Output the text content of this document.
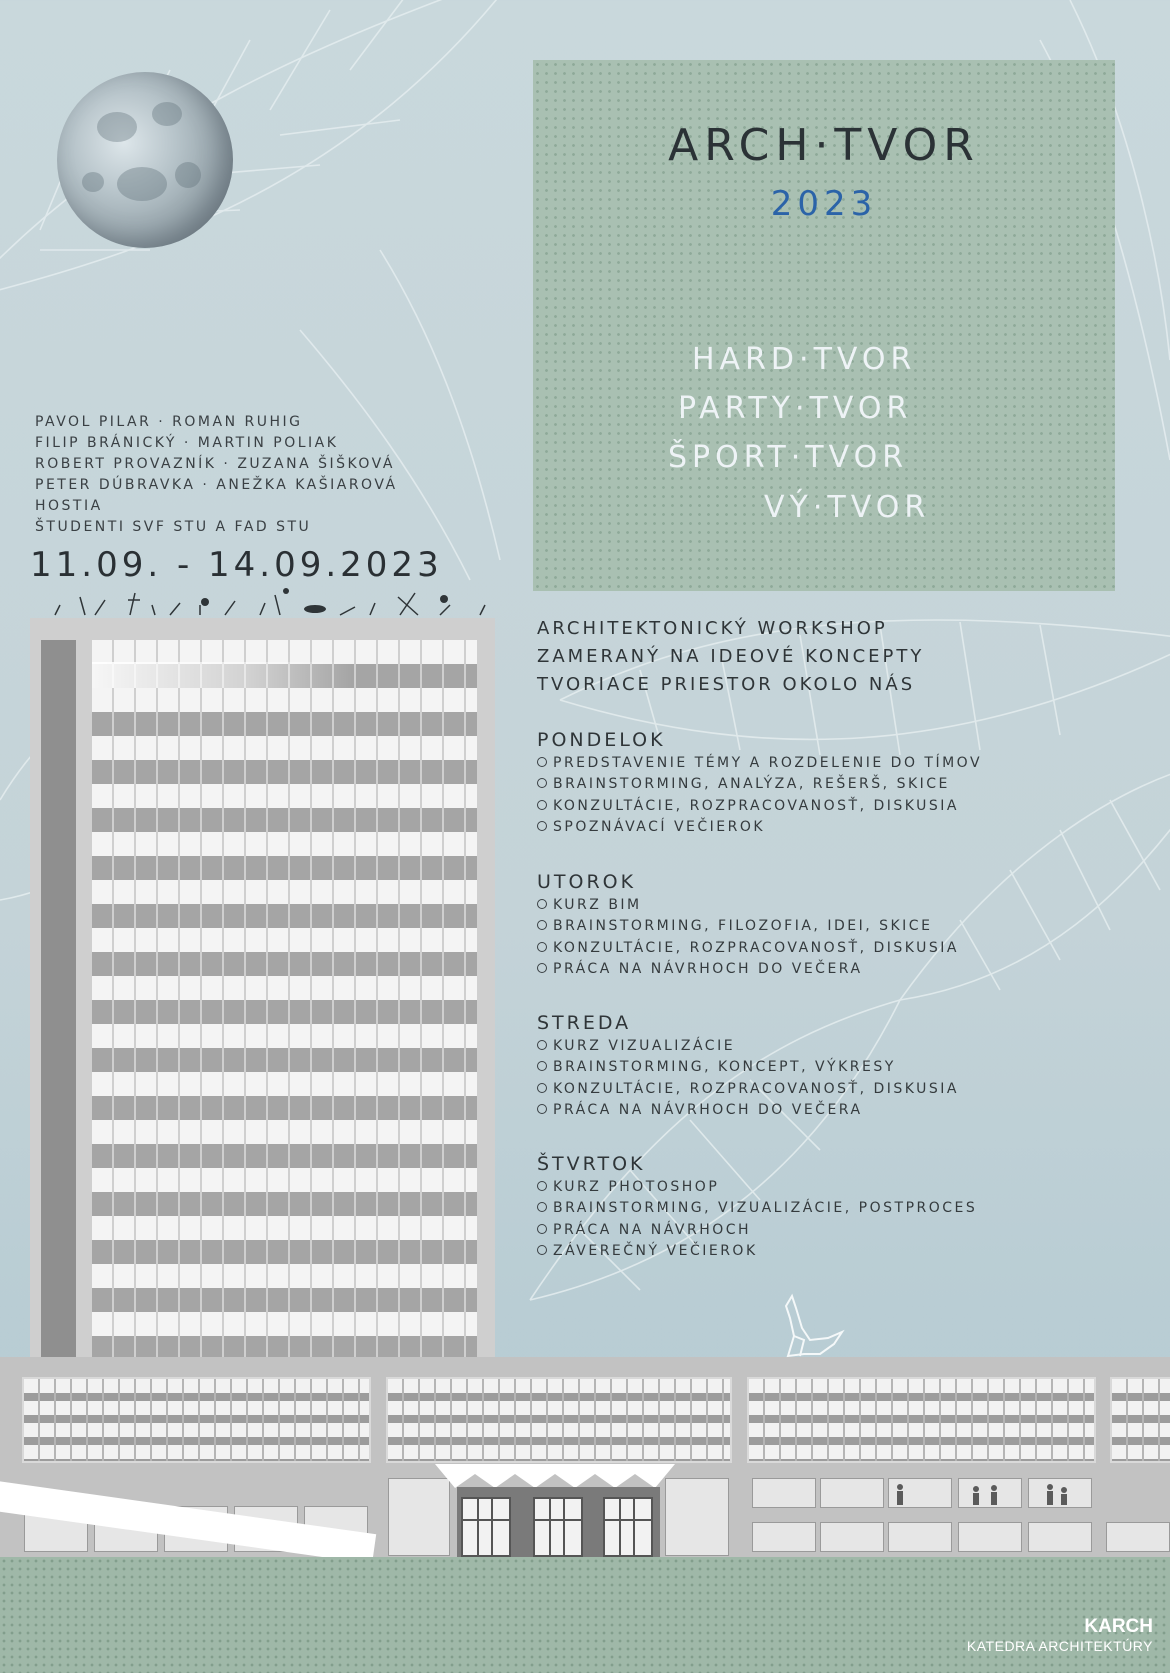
ARCH·TVOR
2023
HARD·TVOR
PARTY·TVOR
ŠPORT·TVOR
VÝ·TVOR
PAVOL PILAR · ROMAN RUHIG
FILIP BRÁNICKÝ · MARTIN POLIAK
ROBERT PROVAZNÍK · ZUZANA ŠIŠKOVÁ
PETER DÚBRAVKA · ANEŽKA KAŠIAROVÁ
HOSTIA
ŠTUDENTI SVF STU A FAD STU
11.09. - 14.09.2023
ARCHITEKTONICKÝ WORKSHOP
ZAMERANÝ NA IDEOVÉ KONCEPTY
TVORIACE PRIESTOR OKOLO NÁS
PONDELOK
PREDSTAVENIE TÉMY A ROZDELENIE DO TÍMOV
BRAINSTORMING, ANALÝZA, REŠERŠ, SKICE
KONZULTÁCIE, ROZPRACOVANOSŤ, DISKUSIA
SPOZNÁVACÍ VEČIEROK
UTOROK
KURZ BIM
BRAINSTORMING, FILOZOFIA, IDEI, SKICE
KONZULTÁCIE, ROZPRACOVANOSŤ, DISKUSIA
PRÁCA NA NÁVRHOCH DO VEČERA
STREDA
KURZ VIZUALIZÁCIE
BRAINSTORMING, KONCEPT, VÝKRESY
KONZULTÁCIE, ROZPRACOVANOSŤ, DISKUSIA
PRÁCA NA NÁVRHOCH DO VEČERA
ŠTVRTOK
KURZ PHOTOSHOP
BRAINSTORMING, VIZUALIZÁCIE, POSTPROCES
PRÁCA NA NÁVRHOCH
ZÁVEREČNÝ VEČIEROK
KARCH
KATEDRA ARCHITEKTÚRY
